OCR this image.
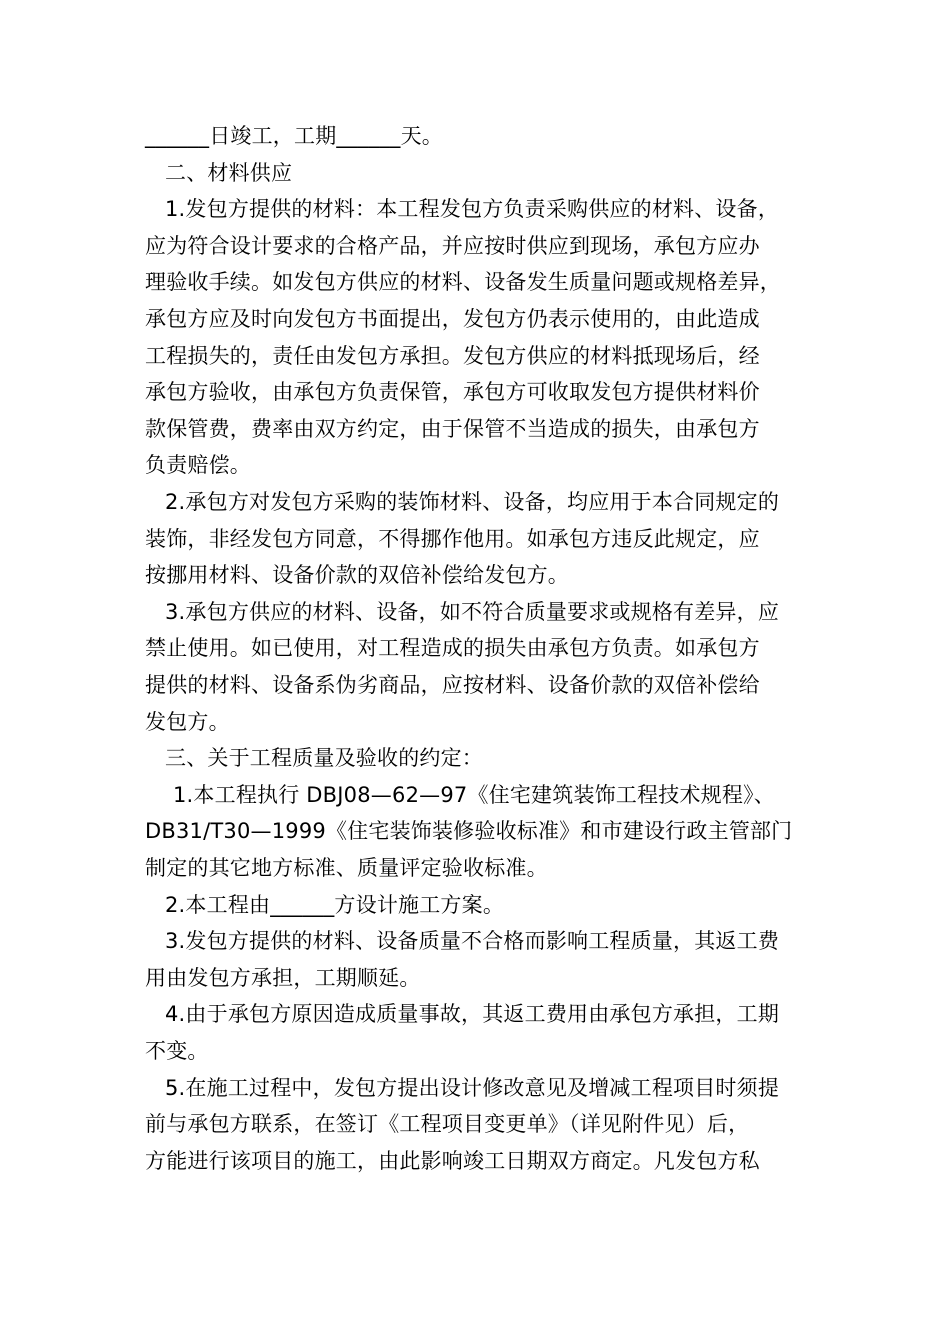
______日竣工，工期______天。
二、材料供应
1.发包方提供的材料：本工程发包方负责采购供应的材料、设备，
应为符合设计要求的合格产品，并应按时供应到现场，承包方应办
理验收手续。如发包方供应的材料、设备发生质量问题或规格差异，
承包方应及时向发包方书面提出，发包方仍表示使用的，由此造成
工程损失的，责任由发包方承担。发包方供应的材料抵现场后，经
承包方验收，由承包方负责保管，承包方可收取发包方提供材料价
款保管费，费率由双方约定，由于保管不当造成的损失，由承包方
负责赔偿。
2.承包方对发包方采购的装饰材料、设备，均应用于本合同规定的
装饰，非经发包方同意，不得挪作他用。如承包方违反此规定，应
按挪用材料、设备价款的双倍补偿给发包方。
3.承包方供应的材料、设备，如不符合质量要求或规格有差异，应
禁止使用。如已使用，对工程造成的损失由承包方负责。如承包方
提供的材料、设备系伪劣商品，应按材料、设备价款的双倍补偿给
发包方。
三、关于工程质量及验收的约定：
1.本工程执行 DBJ08—62—97《住宅建筑装饰工程技术规程》、
DB31/T30—1999《住宅装饰装修验收标准》和市建设行政主管部门
制定的其它地方标准、质量评定验收标准。
2.本工程由______方设计施工方案。
3.发包方提供的材料、设备质量不合格而影响工程质量，其返工费
用由发包方承担，工期顺延。
4.由于承包方原因造成质量事故，其返工费用由承包方承担，工期
不变。
5.在施工过程中，发包方提出设计修改意见及增减工程项目时须提
前与承包方联系，在签订《工程项目变更单》（详见附件见）后，
方能进行该项目的施工，由此影响竣工日期双方商定。凡发包方私
